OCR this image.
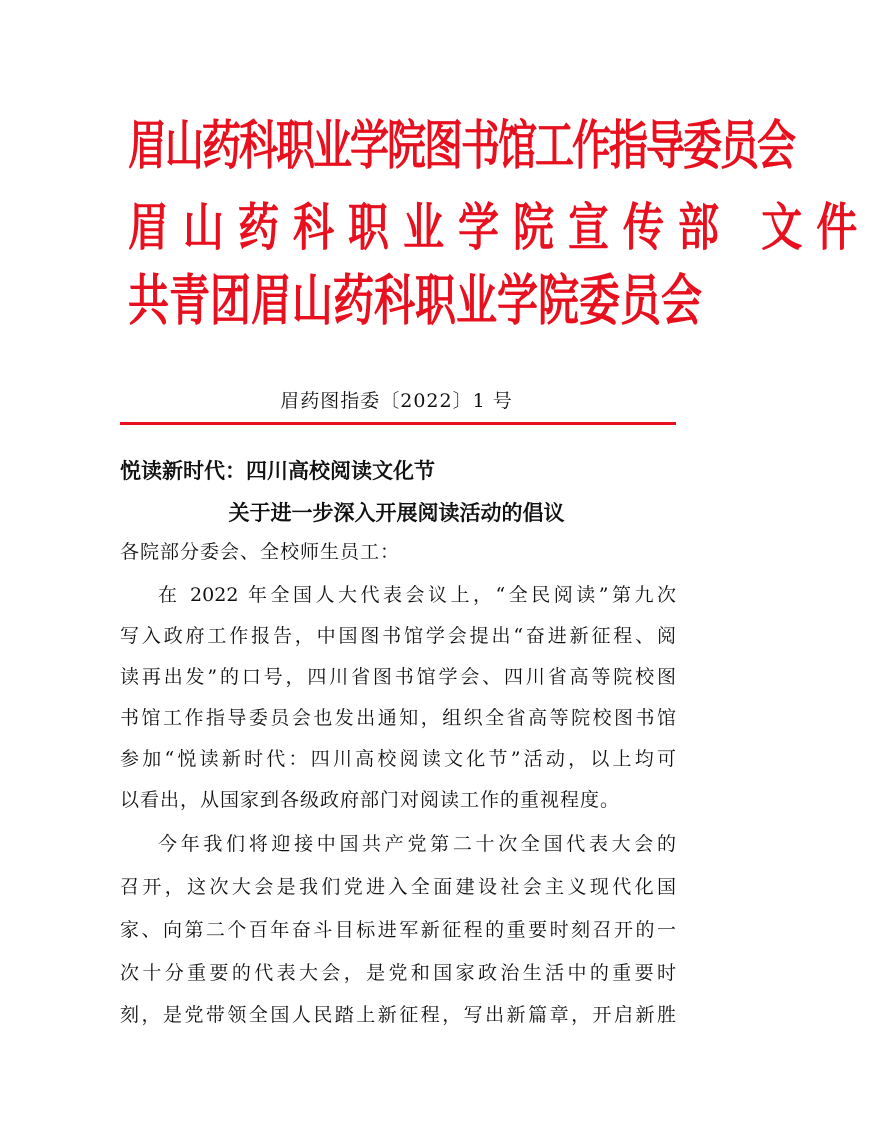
眉山药科职业学院图书馆工作指导委员会
眉山药科职业学院宣传部 文件
共青团眉山药科职业学院委员会
眉药图指委〔2022〕1 号
悦读新时代：四川高校阅读文化节
关于进一步深入开展阅读活动的倡议
各院部分委会、全校师生员工：
在 2022 年全国人大代表会议上，“全民阅读”第九次
写入政府工作报告，中国图书馆学会提出“奋进新征程、阅
读再出发”的口号，四川省图书馆学会、四川省高等院校图
书馆工作指导委员会也发出通知，组织全省高等院校图书馆
参加“悦读新时代：四川高校阅读文化节”活动，以上均可
以看出，从国家到各级政府部门对阅读工作的重视程度。
今年我们将迎接中国共产党第二十次全国代表大会的
召开，这次大会是我们党进入全面建设社会主义现代化国
家、向第二个百年奋斗目标进军新征程的重要时刻召开的一
次十分重要的代表大会，是党和国家政治生活中的重要时
刻，是党带领全国人民踏上新征程，写出新篇章，开启新胜
